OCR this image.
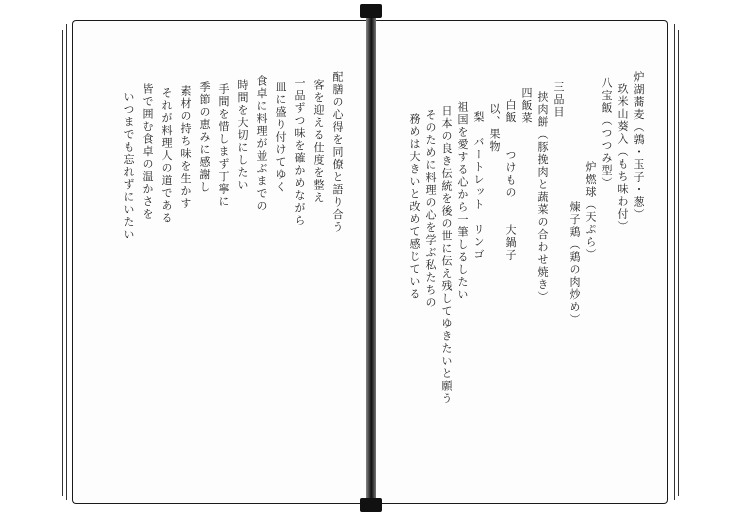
配膳の心得を同僚と語り合う
客を迎える仕度を整え
一品ずつ味を確かめながら
皿に盛り付けてゆく
食卓に料理が並ぶまでの
時間を大切にしたい
手間を惜しまず丁寧に
季節の恵みに感謝し
素材の持ち味を生かす
それが料理人の道である
皆で囲む食卓の温かさを
いつまでも忘れずにいたい	炉湖蕎麦（鶉・玉子・葱）
玖米山葵入（もち味わ付）
八宝飯（つつみ型）
炉燃球（天ぷら）
煉子鶏（鶏の肉炒め）
三品目
挟肉餅（豚挽肉と蔬菜の合わせ焼き）
四飯菜
白飯　　つけもの　　大鍋子
以、果物
梨　バートレット　リンゴ
祖国を愛する心から一筆しるしたい
日本の良き伝統を後の世に伝え残してゆきたいと願う
そのために料理の心を学ぶ私たちの
務めは大きいと改めて感じている
